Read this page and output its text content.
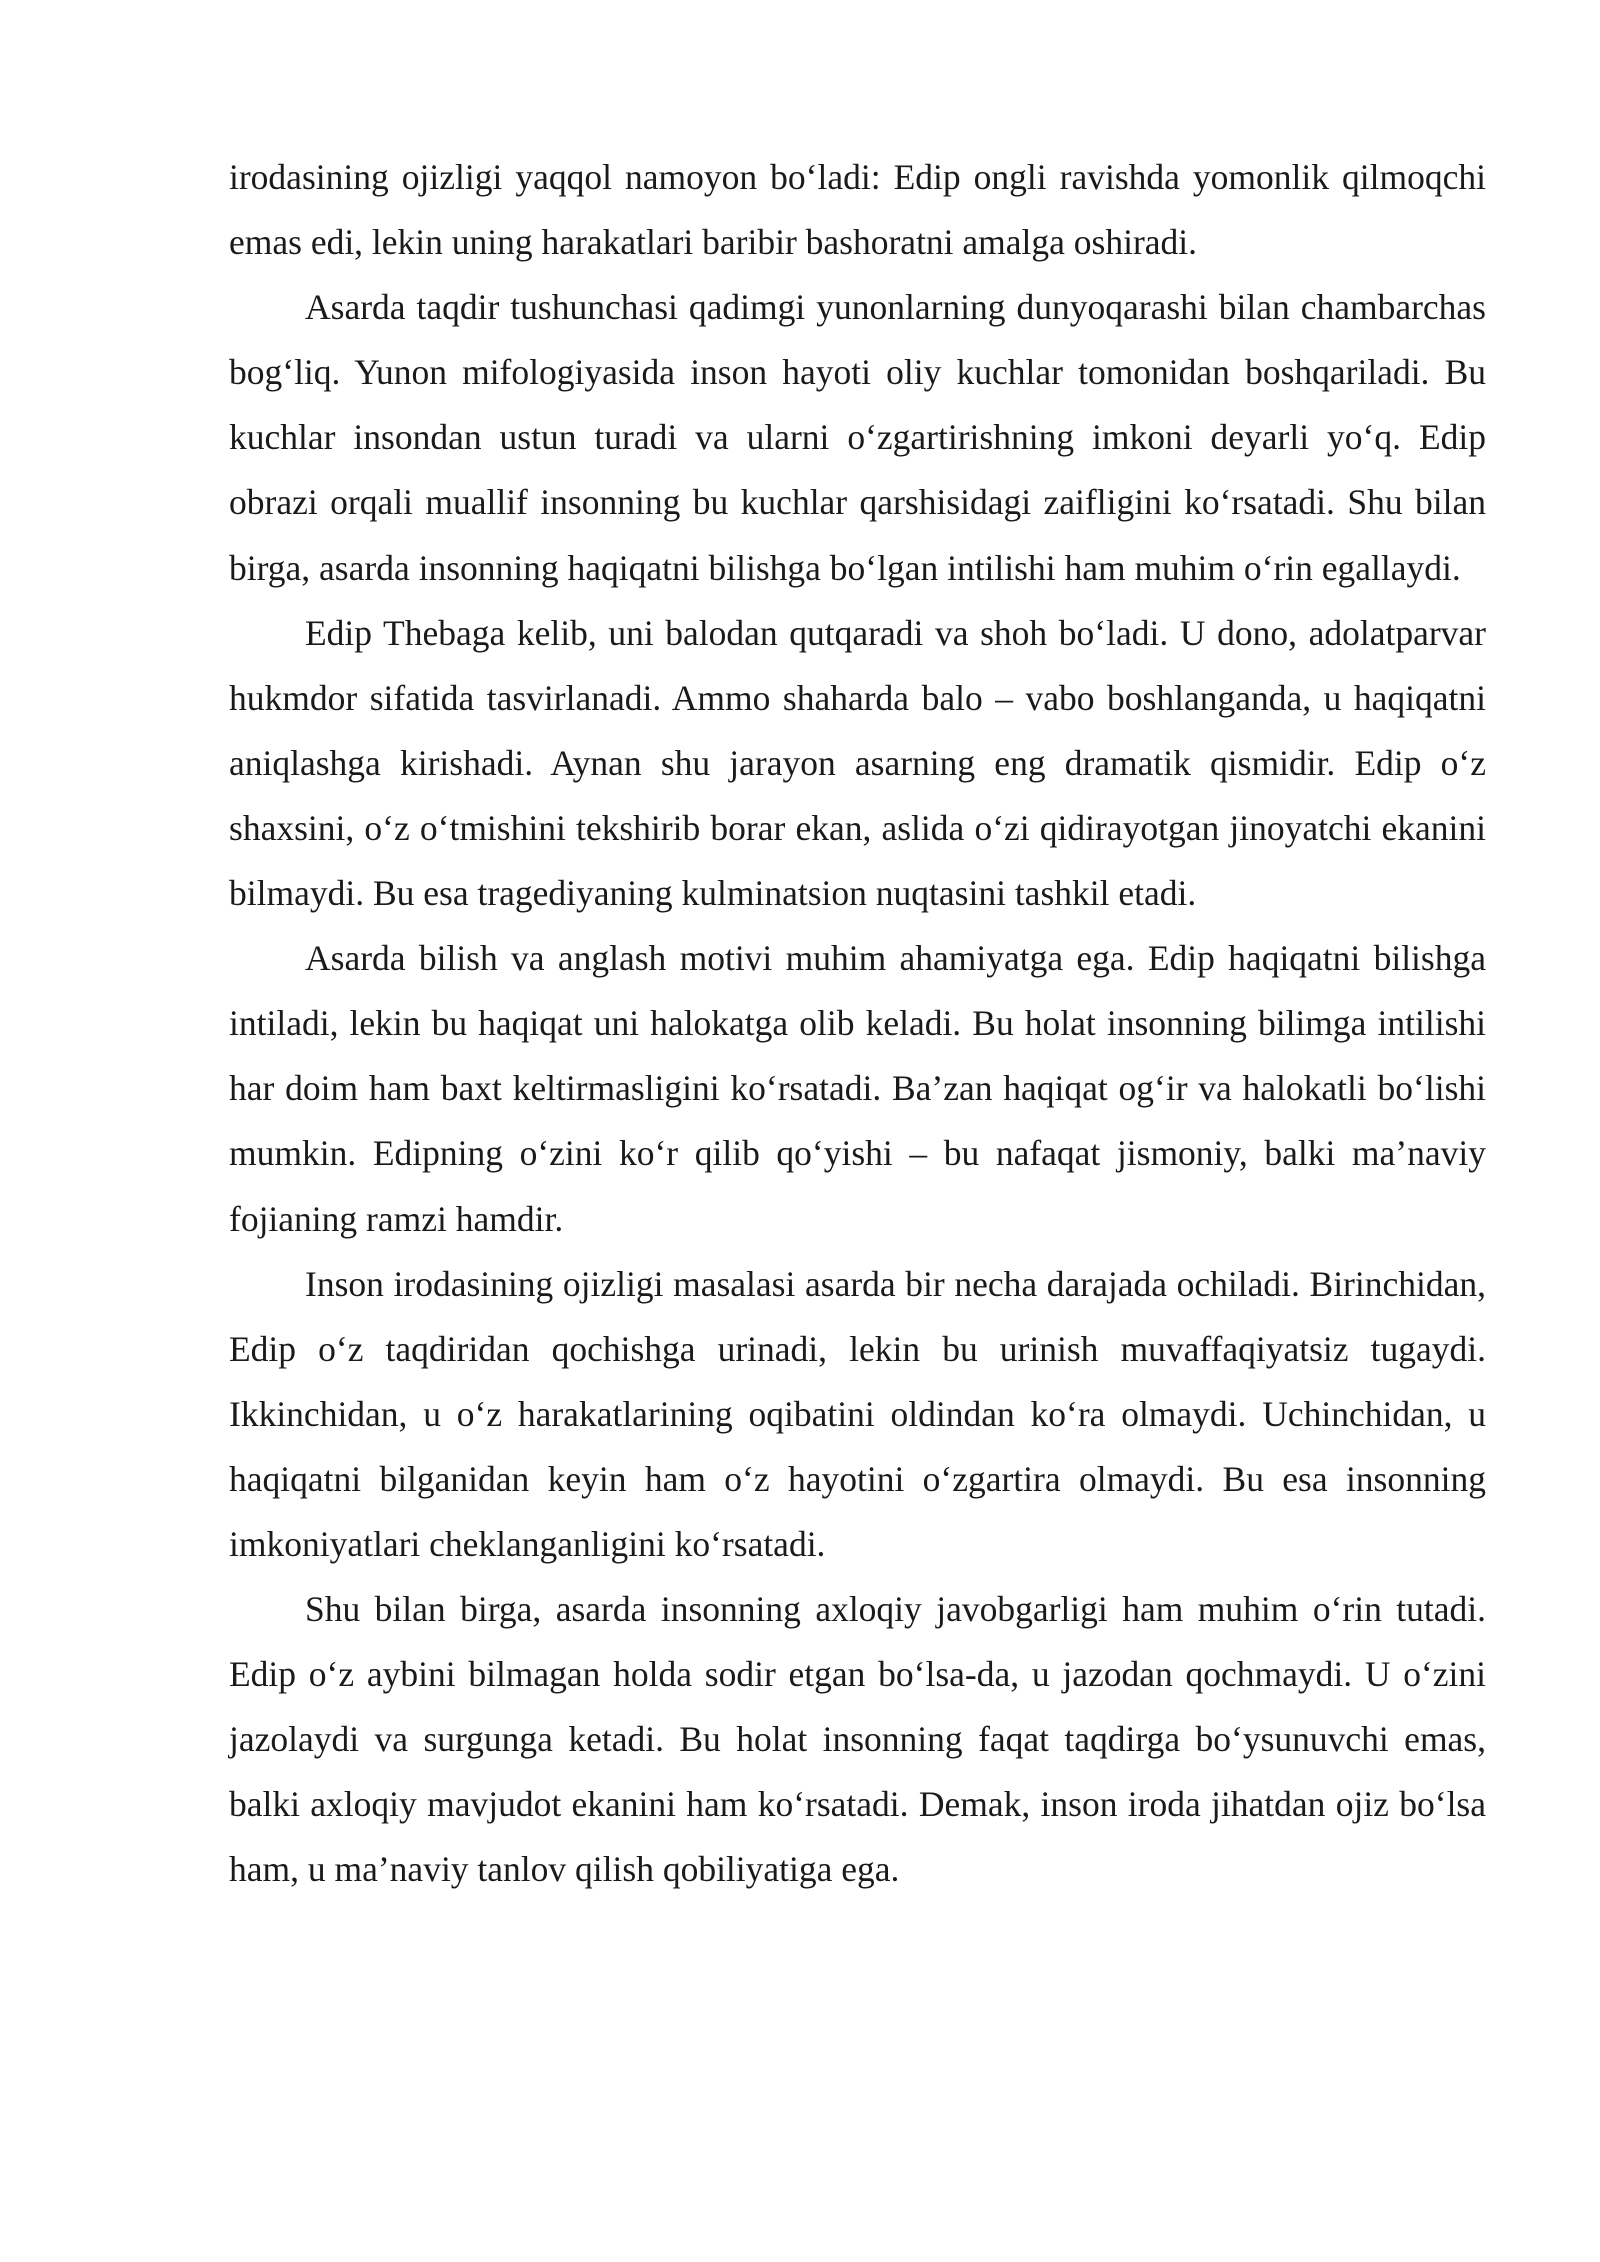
irodasining ojizligi yaqqol namoyon bo‘ladi: Edip ongli ravishda yomonlik qilmoqchi emas edi, lekin uning harakatlari baribir bashoratni amalga oshiradi.

Asarda taqdir tushunchasi qadimgi yunonlarning dunyoqarashi bilan chambarchas bog‘liq. Yunon mifologiyasida inson hayoti oliy kuchlar tomonidan boshqariladi. Bu kuchlar insondan ustun turadi va ularni o‘zgartirishning imkoni deyarli yo‘q. Edip obrazi orqali muallif insonning bu kuchlar qarshisidagi zaifligini ko‘rsatadi. Shu bilan birga, asarda insonning haqiqatni bilishga bo‘lgan intilishi ham muhim o‘rin egallaydi.

Edip Thebaga kelib, uni balodan qutqaradi va shoh bo‘ladi. U dono, adolatparvar hukmdor sifatida tasvirlanadi. Ammo shaharda balo – vabo boshlanganda, u haqiqatni aniqlashga kirishadi. Aynan shu jarayon asarning eng dramatik qismidir. Edip o‘z shaxsini, o‘z o‘tmishini tekshirib borar ekan, aslida o‘zi qidirayotgan jinoyatchi ekanini bilmaydi. Bu esa tragediyaning kulminatsion nuqtasini tashkil etadi.

Asarda bilish va anglash motivi muhim ahamiyatga ega. Edip haqiqatni bilishga intiladi, lekin bu haqiqat uni halokatga olib keladi. Bu holat insonning bilimga intilishi har doim ham baxt keltirmasligini ko‘rsatadi. Ba’zan haqiqat og‘ir va halokatli bo‘lishi mumkin. Edipning o‘zini ko‘r qilib qo‘yishi – bu nafaqat jismoniy, balki ma’naviy fojianing ramzi hamdir.

Inson irodasining ojizligi masalasi asarda bir necha darajada ochiladi. Birinchidan, Edip o‘z taqdiridan qochishga urinadi, lekin bu urinish muvaffaqiyatsiz tugaydi. Ikkinchidan, u o‘z harakatlarining oqibatini oldindan ko‘ra olmaydi. Uchinchidan, u haqiqatni bilganidan keyin ham o‘z hayotini o‘zgartira olmaydi. Bu esa insonning imkoniyatlari cheklanganligini ko‘rsatadi.

Shu bilan birga, asarda insonning axloqiy javobgarligi ham muhim o‘rin tutadi. Edip o‘z aybini bilmagan holda sodir etgan bo‘lsa-da, u jazodan qochmaydi. U o‘zini jazolaydi va surgunga ketadi. Bu holat insonning faqat taqdirga bo‘ysunuvchi emas, balki axloqiy mavjudot ekanini ham ko‘rsatadi. Demak, inson iroda jihatdan ojiz bo‘lsa ham, u ma’naviy tanlov qilish qobiliyatiga ega.
